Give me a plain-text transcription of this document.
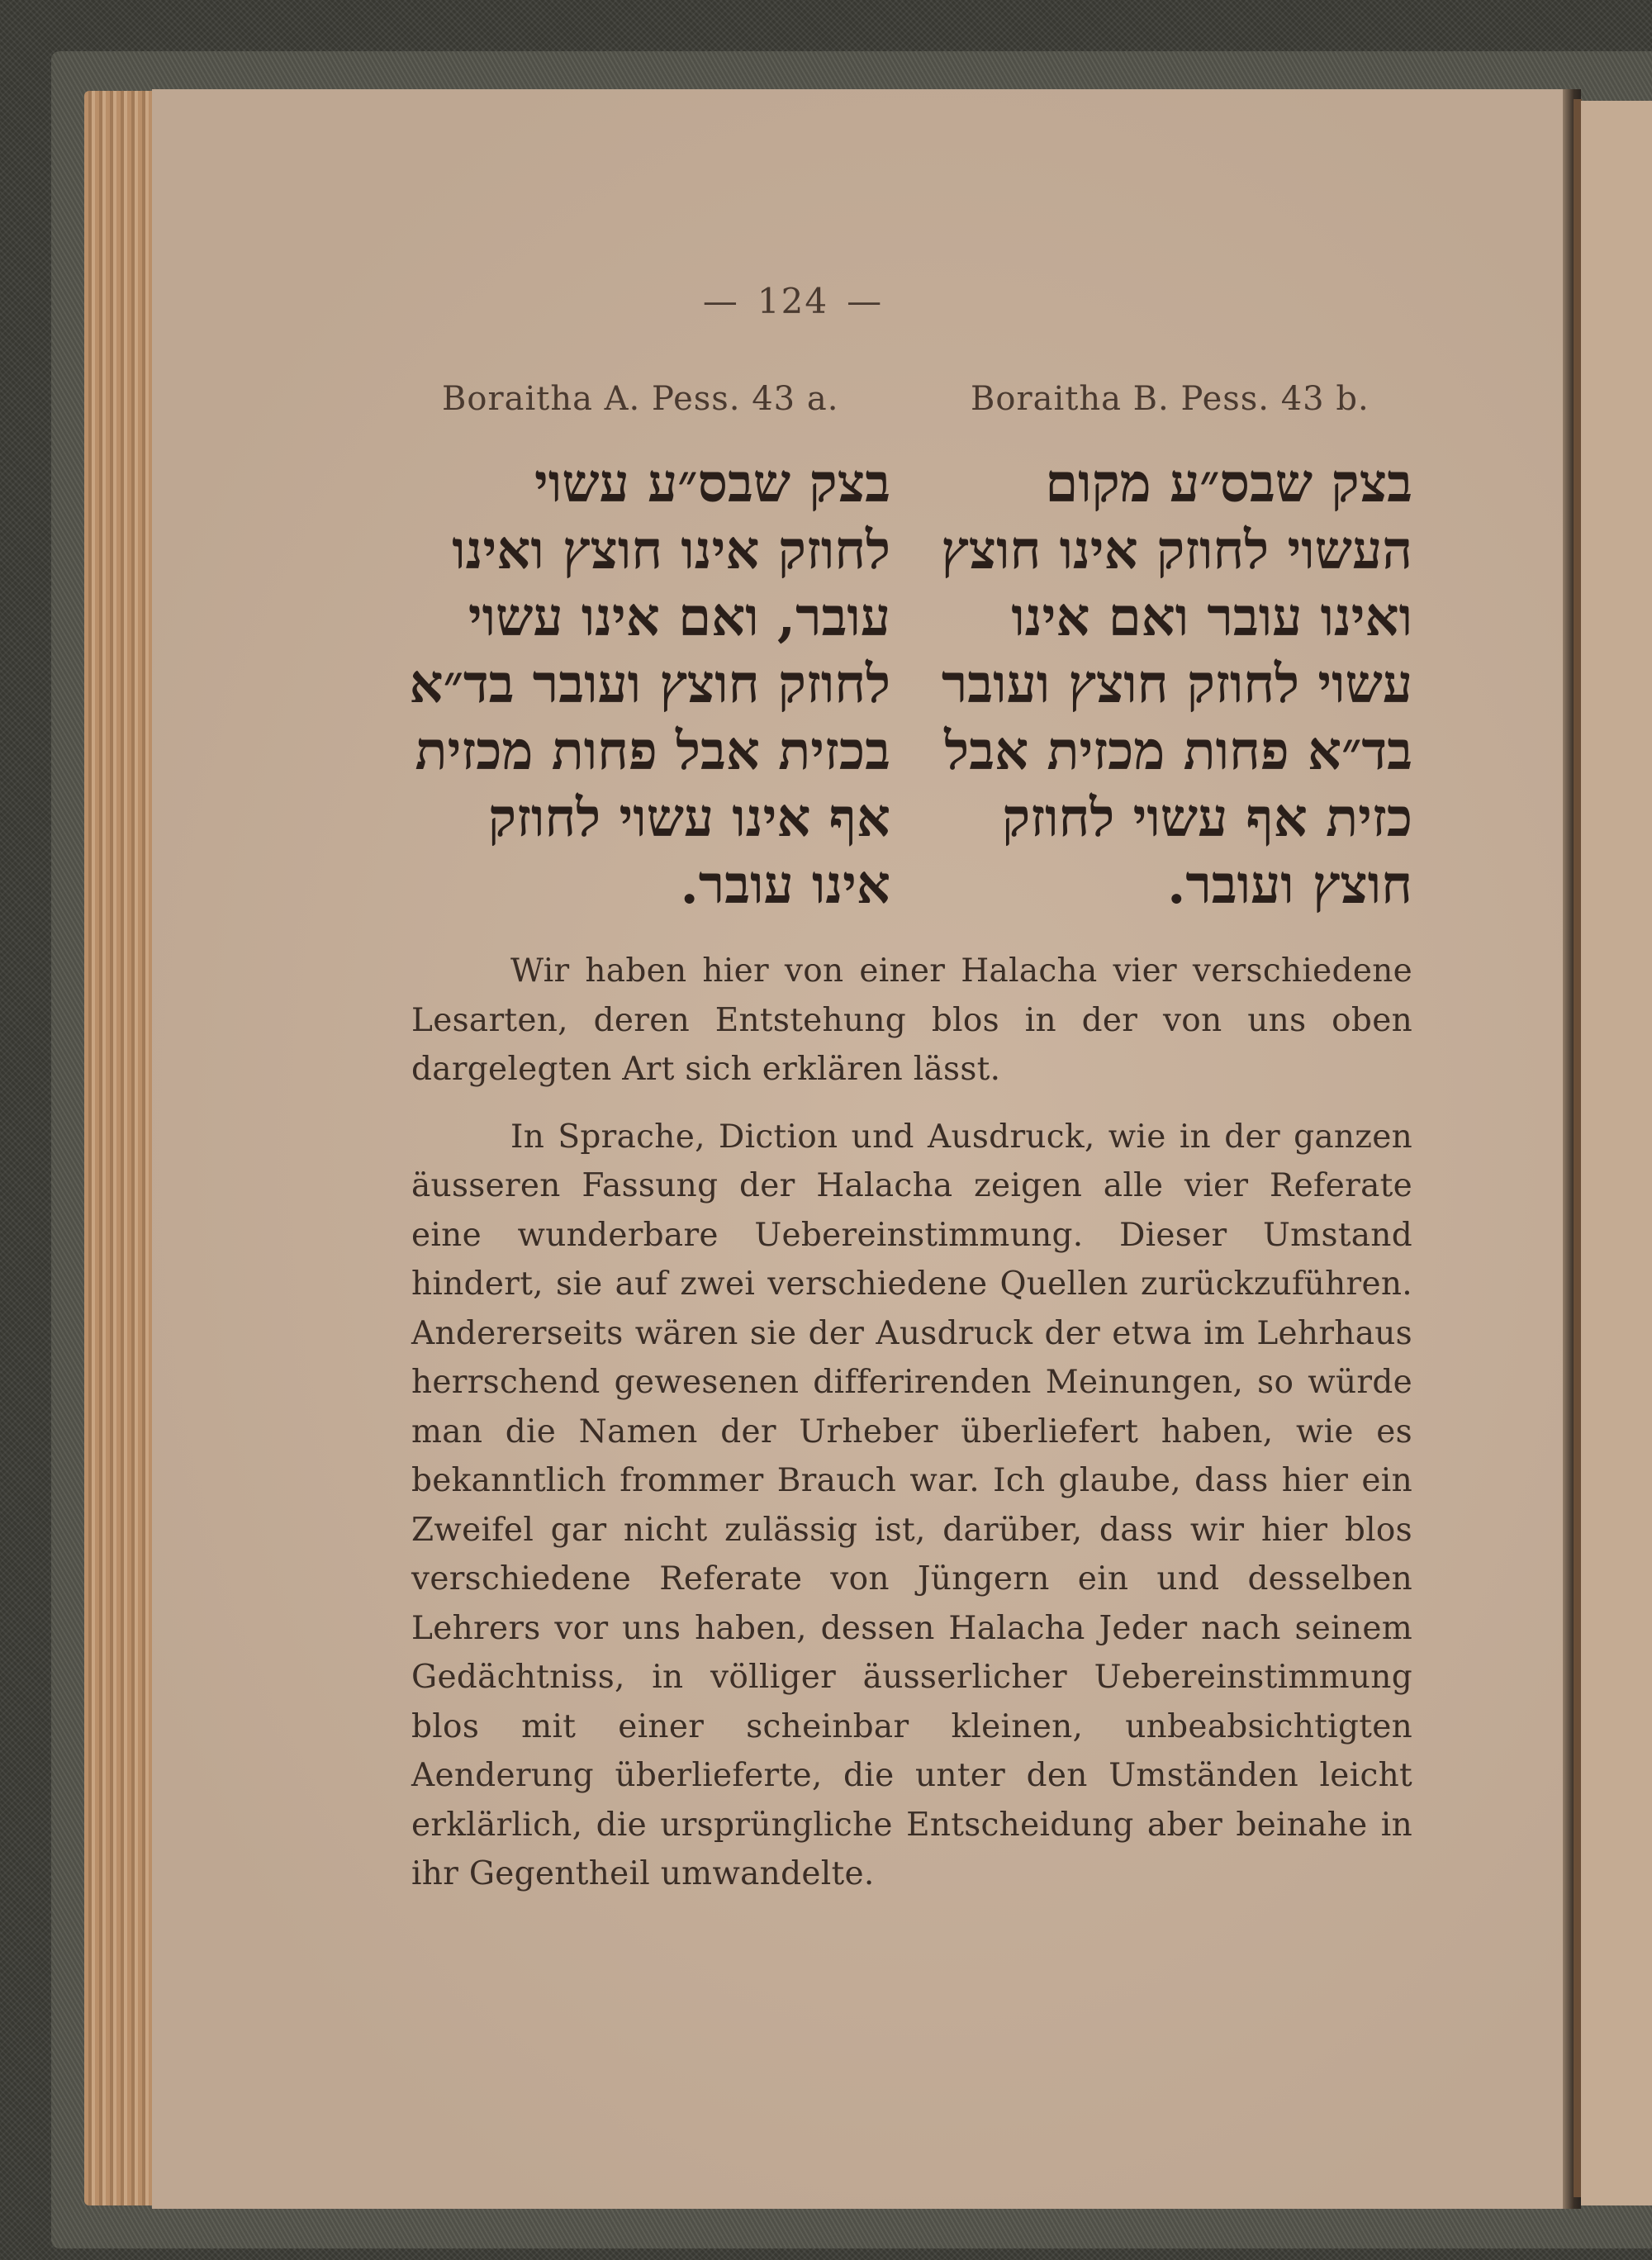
— 124 —
Boraitha A. Pess. 43 a.	Boraitha B. Pess. 43 b.
בצק שבס״ע עשוי
לחוזק אינו חוצץ ואינו
עובר, ואם אינו עשוי
לחוזק חוצץ ועובר בד״א
בכזית אבל פחות מכזית
אף אינו עשוי לחוזק
אינו עובר.
בצק שבס״ע מקום
העשוי לחוזק אינו חוצץ
ואינו עובר ואם אינו
עשוי לחוזק חוצץ ועובר
בד״א פחות מכזית אבל
כזית אף עשוי לחוזק
חוצץ ועובר.

Wir haben hier von einer Halacha vier verschiedene Lesarten, deren Entstehung blos in der von uns oben dargelegten Art sich erklären lässt.

In Sprache, Diction und Ausdruck, wie in der ganzen äusseren Fassung der Halacha zeigen alle vier Referate eine wunderbare Uebereinstimmung. Dieser Umstand hindert, sie auf zwei verschiedene Quellen zurückzuführen. Andererseits wären sie der Ausdruck der etwa im Lehrhaus herrschend gewesenen differirenden Meinungen, so würde man die Namen der Urheber überliefert haben, wie es bekanntlich frommer Brauch war. Ich glaube, dass hier ein Zweifel gar nicht zulässig ist, darüber, dass wir hier blos verschiedene Referate von Jüngern ein und desselben Lehrers vor uns haben, dessen Halacha Jeder nach seinem Gedächtniss, in völliger äusserlicher Uebereinstimmung blos mit einer scheinbar kleinen, unbeabsichtigten Aenderung überlieferte, die unter den Umständen leicht erklärlich, die ursprüngliche Entscheidung aber beinahe in ihr Gegentheil umwandelte.
